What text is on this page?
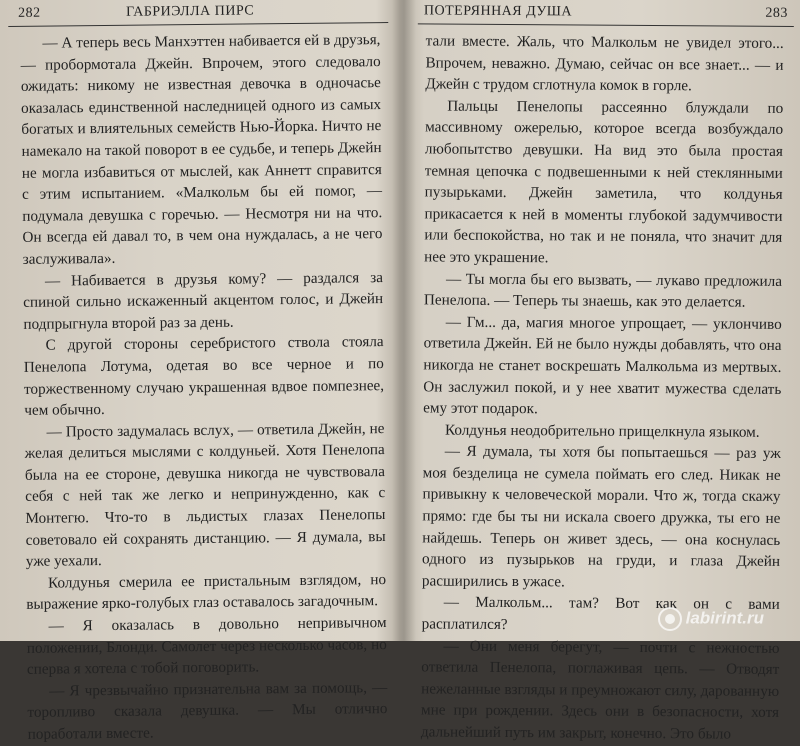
282	ГАБРИЭЛЛА ПИРС

— А теперь весь Манхэттен набивается ей в друзья, — пробормотала Джейн. Впрочем, этого следовало ожидать: никому не известная девочка в одночасье оказалась единственной наследницей одного из самых богатых и влиятельных семейств Нью-Йорка. Ничто не намекало на такой поворот в ее судьбе, и теперь Джейн не могла избавиться от мыслей, как Аннетт справится с этим испытанием. «Малкольм бы ей помог, — подумала девушка с горечью. — Несмотря ни на что. Он всегда ей давал то, в чем она нуждалась, а не чего заслуживала».

— Набивается в друзья кому? — раздался за спиной сильно искаженный акцентом голос, и Джейн подпрыгнула второй раз за день.

С другой стороны серебристого ствола стояла Пенелопа Лотума, одетая во все черное и по торжественному случаю украшенная вдвое помпезнее, чем обычно.

— Просто задумалась вслух, — ответила Джейн, не желая делиться мыслями с колдуньей. Хотя Пенелопа была на ее стороне, девушка никогда не чувствовала себя с ней так же легко и непринужденно, как с Монтегю. Что-то в льдистых глазах Пенелопы советовало ей сохранять дистанцию. — Я думала, вы уже уехали.

Колдунья смерила ее пристальным взглядом, но выражение ярко-голубых глаз оставалось загадочным.

— Я оказалась в довольно непривычном положении, Блонди. Самолет через несколько часов, но сперва я хотела с тобой поговорить.

— Я чрезвычайно признательна вам за помощь, — торопливо сказала девушка. — Мы отлично поработали вместе.

ПОТЕРЯННАЯ ДУША	283

тали вместе. Жаль, что Малкольм не увидел этого... Впрочем, неважно. Думаю, сейчас он все знает... — и Джейн с трудом сглотнула комок в горле.

Пальцы Пенелопы рассеянно блуждали по массивному ожерелью, которое всегда возбуждало любопытство девушки. На вид это была простая темная цепочка с подвешенными к ней стеклянными пузырьками. Джейн заметила, что колдунья прикасается к ней в моменты глубокой задумчивости или беспокойства, но так и не поняла, что значит для нее это украшение.

— Ты могла бы его вызвать, — лукаво предложила Пенелопа. — Теперь ты знаешь, как это делается.

— Гм... да, магия многое упрощает, — уклончиво ответила Джейн. Ей не было нужды добавлять, что она никогда не станет воскрешать Малкольма из мертвых. Он заслужил покой, и у нее хватит мужества сделать ему этот подарок.

Колдунья неодобрительно прищелкнула языком.

— Я думала, ты хотя бы попытаешься — раз уж моя безделица не сумела поймать его след. Никак не привыкну к человеческой морали. Что ж, тогда скажу прямо: где бы ты ни искала своего дружка, ты его не найдешь. Теперь он живет здесь, — она коснулась одного из пузырьков на груди, и глаза Джейн расширились в ужасе.

— Малкольм... там? Вот как он с вами расплатился?

— Они меня берегут, — почти с нежностью ответила Пенелопа, поглаживая цепь. — Отводят нежеланные взгляды и преумножают силу, дарованную мне при рождении. Здесь они в безопасности, хотя дальнейший путь им закрыт, конечно. Это было

labirint.ru
